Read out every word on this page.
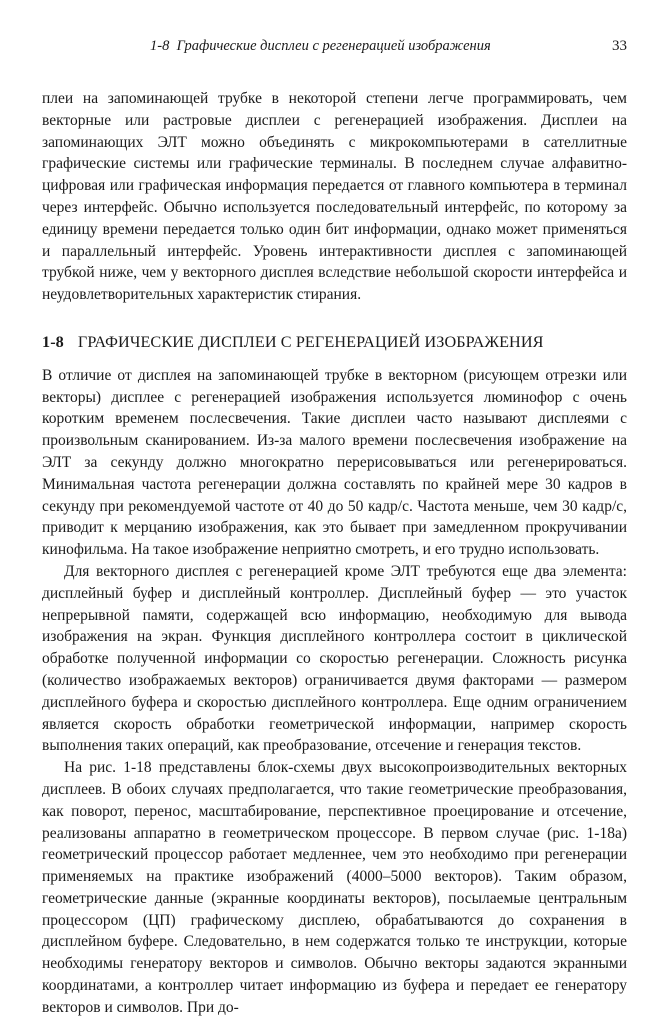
1-8 Графические дисплеи с регенерацией изображения	33

плеи на запоминающей трубке в некоторой степени легче программировать, чем векторные или растровые дисплеи с регенерацией изображения. Дисплеи на запоминающих ЭЛТ можно объединять с микрокомпьютерами в сателлитные графические системы или графические терминалы. В последнем случае алфавитно-цифровая или графическая информация передается от главного компьютера в терминал через интерфейс. Обычно используется последовательный интерфейс, по которому за единицу времени передается только один бит информации, однако может применяться и параллельный интерфейс. Уровень интерактивности дисплея с запоминающей трубкой ниже, чем у векторного дисплея вследствие небольшой скорости интерфейса и неудовлетворительных характеристик стирания.

1-8 ГРАФИЧЕСКИЕ ДИСПЛЕИ С РЕГЕНЕРАЦИЕЙ ИЗОБРАЖЕНИЯ

В отличие от дисплея на запоминающей трубке в векторном (рисующем отрезки или векторы) дисплее с регенерацией изображения используется люминофор с очень коротким временем послесвечения. Такие дисплеи часто называют дисплеями с произвольным сканированием. Из-за малого времени послесвечения изображение на ЭЛТ за секунду должно многократно перерисовываться или регенерироваться. Минимальная частота регенерации должна составлять по крайней мере 30 кадров в секунду при рекомендуемой частоте от 40 до 50 кадр/с. Частота меньше, чем 30 кадр/с, приводит к мерцанию изображения, как это бывает при замедленном прокручивании кинофильма. На такое изображение неприятно смотреть, и его трудно использовать.

Для векторного дисплея с регенерацией кроме ЭЛТ требуются еще два элемента: дисплейный буфер и дисплейный контроллер. Дисплейный буфер — это участок непрерывной памяти, содержащей всю информацию, необходимую для вывода изображения на экран. Функция дисплейного контроллера состоит в циклической обработке полученной информации со скоростью регенерации. Сложность рисунка (количество изображаемых векторов) ограничивается двумя факторами — размером дисплейного буфера и скоростью дисплейного контроллера. Еще одним ограничением является скорость обработки геометрической информации, например скорость выполнения таких операций, как преобразование, отсечение и генерация текстов.

На рис. 1-18 представлены блок-схемы двух высокопроизводительных векторных дисплеев. В обоих случаях предполагается, что такие геометрические преобразования, как поворот, перенос, масштабирование, перспективное проецирование и отсечение, реализованы аппаратно в геометрическом процессоре. В первом случае (рис. 1-18а) геометрический процессор работает медленнее, чем это необходимо при регенерации применяемых на практике изображений (4000–5000 векторов). Таким образом, геометрические данные (экранные координаты векторов), посылаемые центральным процессором (ЦП) графическому дисплею, обрабатываются до сохранения в дисплейном буфере. Следовательно, в нем содержатся только те инструкции, которые необходимы генератору векторов и символов. Обычно векторы задаются экранными координатами, а контроллер читает информацию из буфера и передает ее генератору векторов и символов. При до-
